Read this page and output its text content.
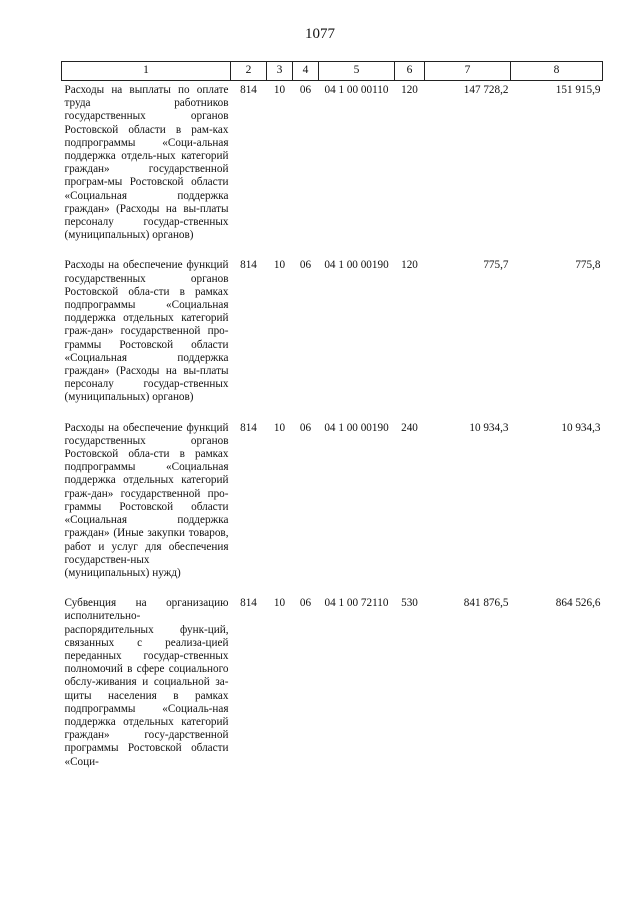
1077
1	2	3	4	5	6	7	8
Расходы на выплаты по оплате труда работников государственных органов Ростовской области в рам-ках подпрограммы «Соци-альная поддержка отдель-ных категорий граждан» государственной програм-мы Ростовской области «Социальная поддержка граждан» (Расходы на вы-платы персоналу государ-ственных (муниципальных) органов)	814	10	06	04 1 00 00110	120	147 728,2	151 915,9
Расходы на обеспечение функций государственных органов Ростовской обла-сти в рамках подпрограммы «Социальная поддержка отдельных категорий граж-дан» государственной про-граммы Ростовской области «Социальная поддержка граждан» (Расходы на вы-платы персоналу государ-ственных (муниципальных) органов)	814	10	06	04 1 00 00190	120	775,7	775,8
Расходы на обеспечение функций государственных органов Ростовской обла-сти в рамках подпрограммы «Социальная поддержка отдельных категорий граж-дан» государственной про-граммы Ростовской области «Социальная поддержка граждан» (Иные закупки товаров, работ и услуг для обеспечения государствен-ных (муниципальных) нужд)	814	10	06	04 1 00 00190	240	10 934,3	10 934,3
Субвенция на организацию исполнительно-распорядительных функ-ций, связанных с реализа-цией переданных государ-ственных полномочий в сфере социального обслу-живания и социальной за-щиты населения в рамках подпрограммы «Социаль-ная поддержка отдельных категорий граждан» госу-дарственной программы Ростовской области «Соци-	814	10	06	04 1 00 72110	530	841 876,5	864 526,6
